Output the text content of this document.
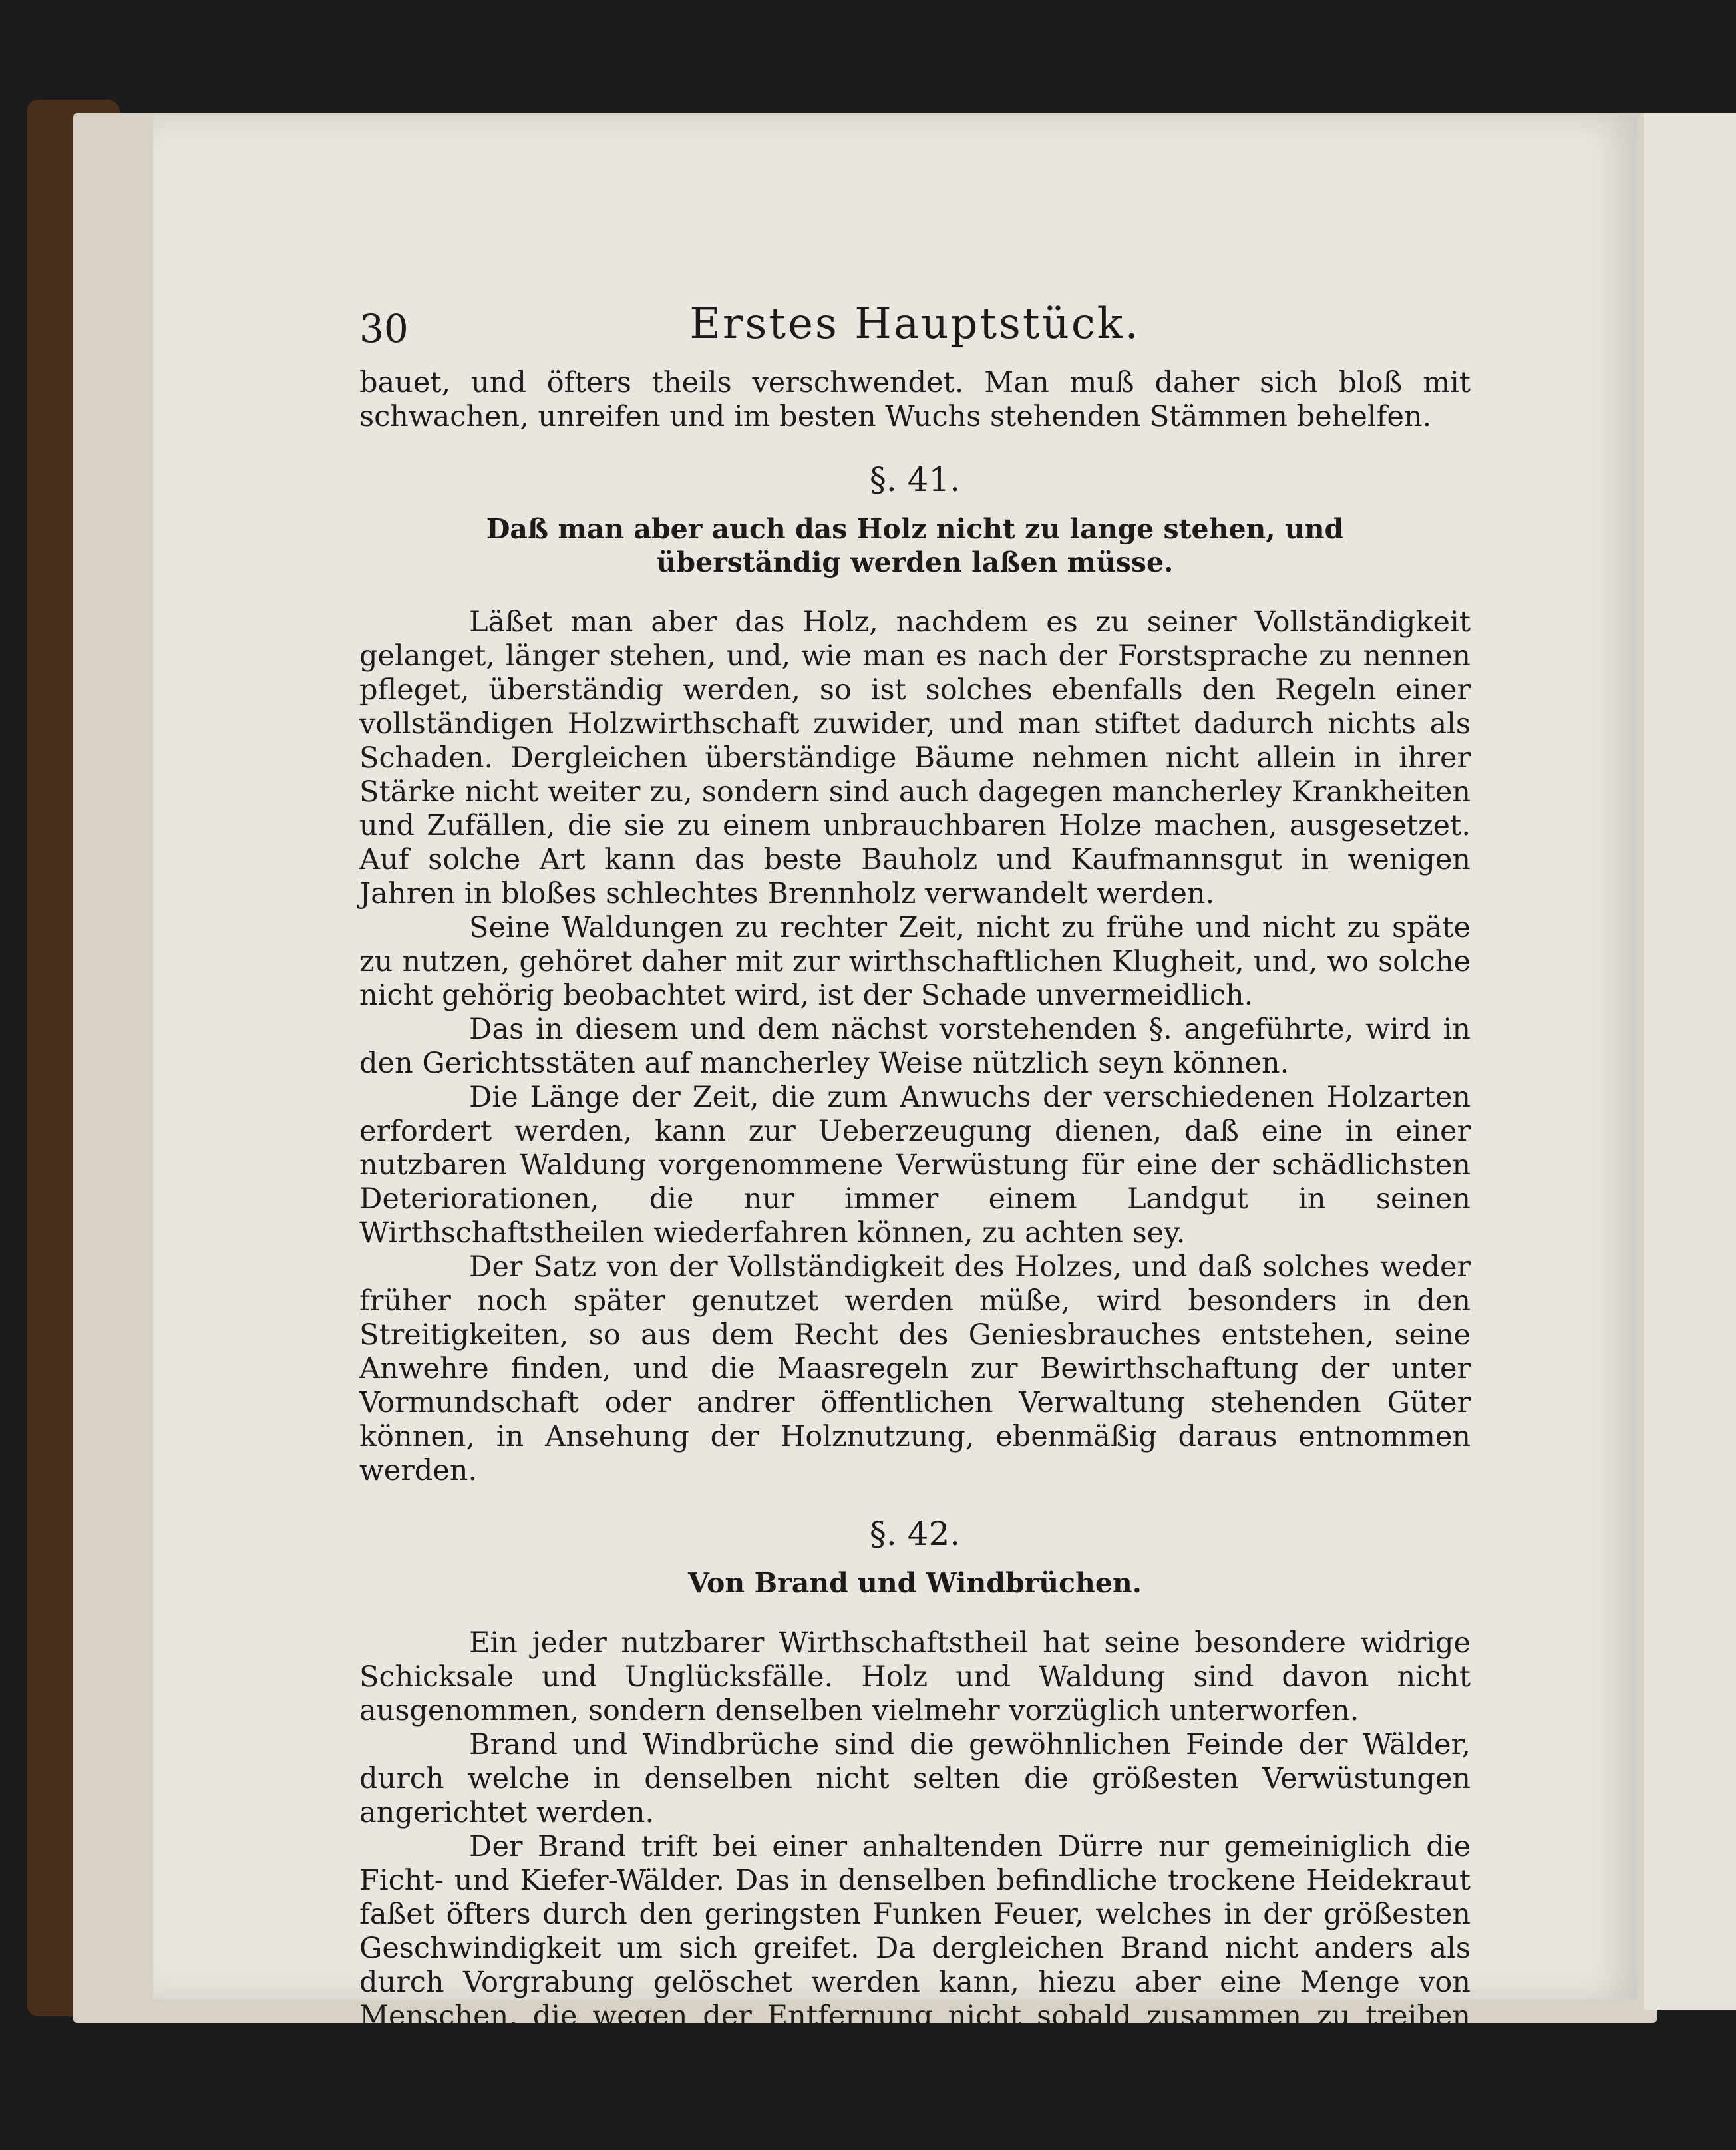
30	Erstes Hauptstück.

bauet, und öfters theils verschwendet. Man muß daher sich bloß mit schwachen, unreifen und im besten Wuchs stehenden Stämmen behelfen.

§. 41.
Daß man aber auch das Holz nicht zu lange stehen, und überständig werden laßen müsse.

Läßet man aber das Holz, nachdem es zu seiner Vollständigkeit gelanget, länger stehen, und, wie man es nach der Forstsprache zu nennen pfleget, überständig werden, so ist solches ebenfalls den Regeln einer vollständigen Holzwirthschaft zuwider, und man stiftet dadurch nichts als Schaden. Dergleichen überständige Bäume nehmen nicht allein in ihrer Stärke nicht weiter zu, sondern sind auch dagegen mancherley Krankheiten und Zufällen, die sie zu einem unbrauchbaren Holze machen, ausgesetzet. Auf solche Art kann das beste Bauholz und Kaufmannsgut in wenigen Jahren in bloßes schlechtes Brennholz verwandelt werden.

Seine Waldungen zu rechter Zeit, nicht zu frühe und nicht zu späte zu nutzen, gehöret daher mit zur wirthschaftlichen Klugheit, und, wo solche nicht gehörig beobachtet wird, ist der Schade unvermeidlich.

Das in diesem und dem nächst vorstehenden §. angeführte, wird in den Gerichtsstäten auf mancherley Weise nützlich seyn können.

Die Länge der Zeit, die zum Anwuchs der verschiedenen Holzarten erfordert werden, kann zur Ueberzeugung dienen, daß eine in einer nutzbaren Waldung vorgenommene Verwüstung für eine der schädlichsten Deteriorationen, die nur immer einem Landgut in seinen Wirthschaftstheilen wiederfahren können, zu achten sey.

Der Satz von der Vollständigkeit des Holzes, und daß solches weder früher noch später genutzet werden müße, wird besonders in den Streitigkeiten, so aus dem Recht des Geniesbrauches entstehen, seine Anwehre finden, und die Maasregeln zur Bewirthschaftung der unter Vormundschaft oder andrer öffentlichen Verwaltung stehenden Güter können, in Ansehung der Holznutzung, ebenmäßig daraus entnommen werden.

§. 42.
Von Brand und Windbrüchen.

Ein jeder nutzbarer Wirthschaftstheil hat seine besondere widrige Schicksale und Unglücksfälle. Holz und Waldung sind davon nicht ausgenommen, sondern denselben vielmehr vorzüglich unterworfen.

Brand und Windbrüche sind die gewöhnlichen Feinde der Wälder, durch welche in denselben nicht selten die größesten Verwüstungen angerichtet werden.

Der Brand trift bei einer anhaltenden Dürre nur gemeiniglich die Ficht- und Kiefer-Wälder. Das in denselben befindliche trockene Heidekraut faßet öfters durch den geringsten Funken Feuer, welches in der größesten Geschwindigkeit um sich greifet. Da dergleichen Brand nicht anders als durch Vorgrabung gelöschet werden kann, hiezu aber eine Menge von Menschen, die wegen der Entfernung nicht sobald zusammen zu treiben sind, erfordert wird, so ist der daraus entstehende Schade meistentheils von sehr großer

Wichtig-
